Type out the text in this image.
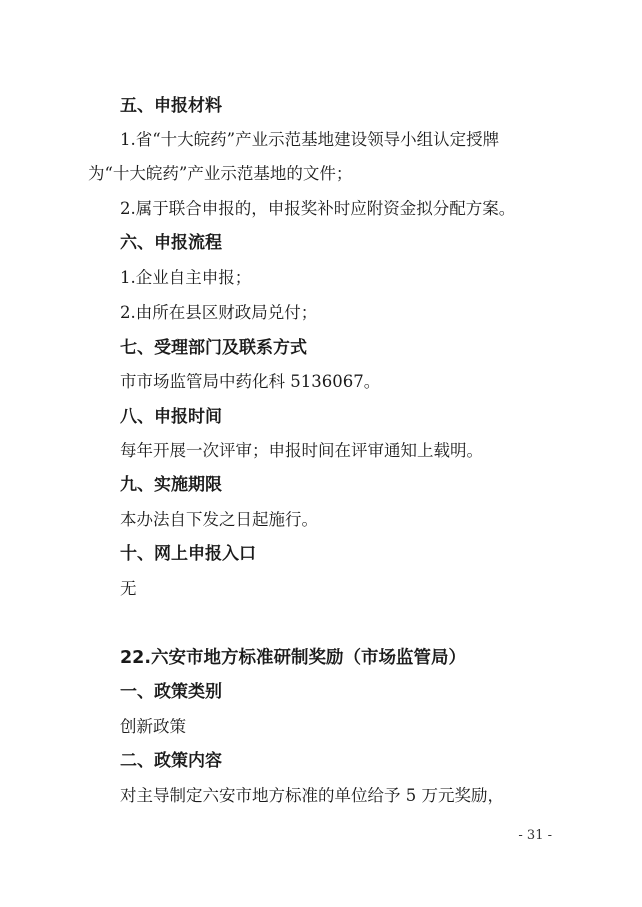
五、申报材料
1.省“十大皖药”产业示范基地建设领导小组认定授牌
为“十大皖药”产业示范基地的文件；
2.属于联合申报的，申报奖补时应附资金拟分配方案。
六、申报流程
1.企业自主申报；
2.由所在县区财政局兑付；
七、受理部门及联系方式
市市场监管局中药化科 5136067。
八、申报时间
每年开展一次评审；申报时间在评审通知上载明。
九、实施期限
本办法自下发之日起施行。
十、网上申报入口
无
22.六安市地方标准研制奖励（市场监管局）
一、政策类别
创新政策
二、政策内容
对主导制定六安市地方标准的单位给予 5 万元奖励，
- 31 -
